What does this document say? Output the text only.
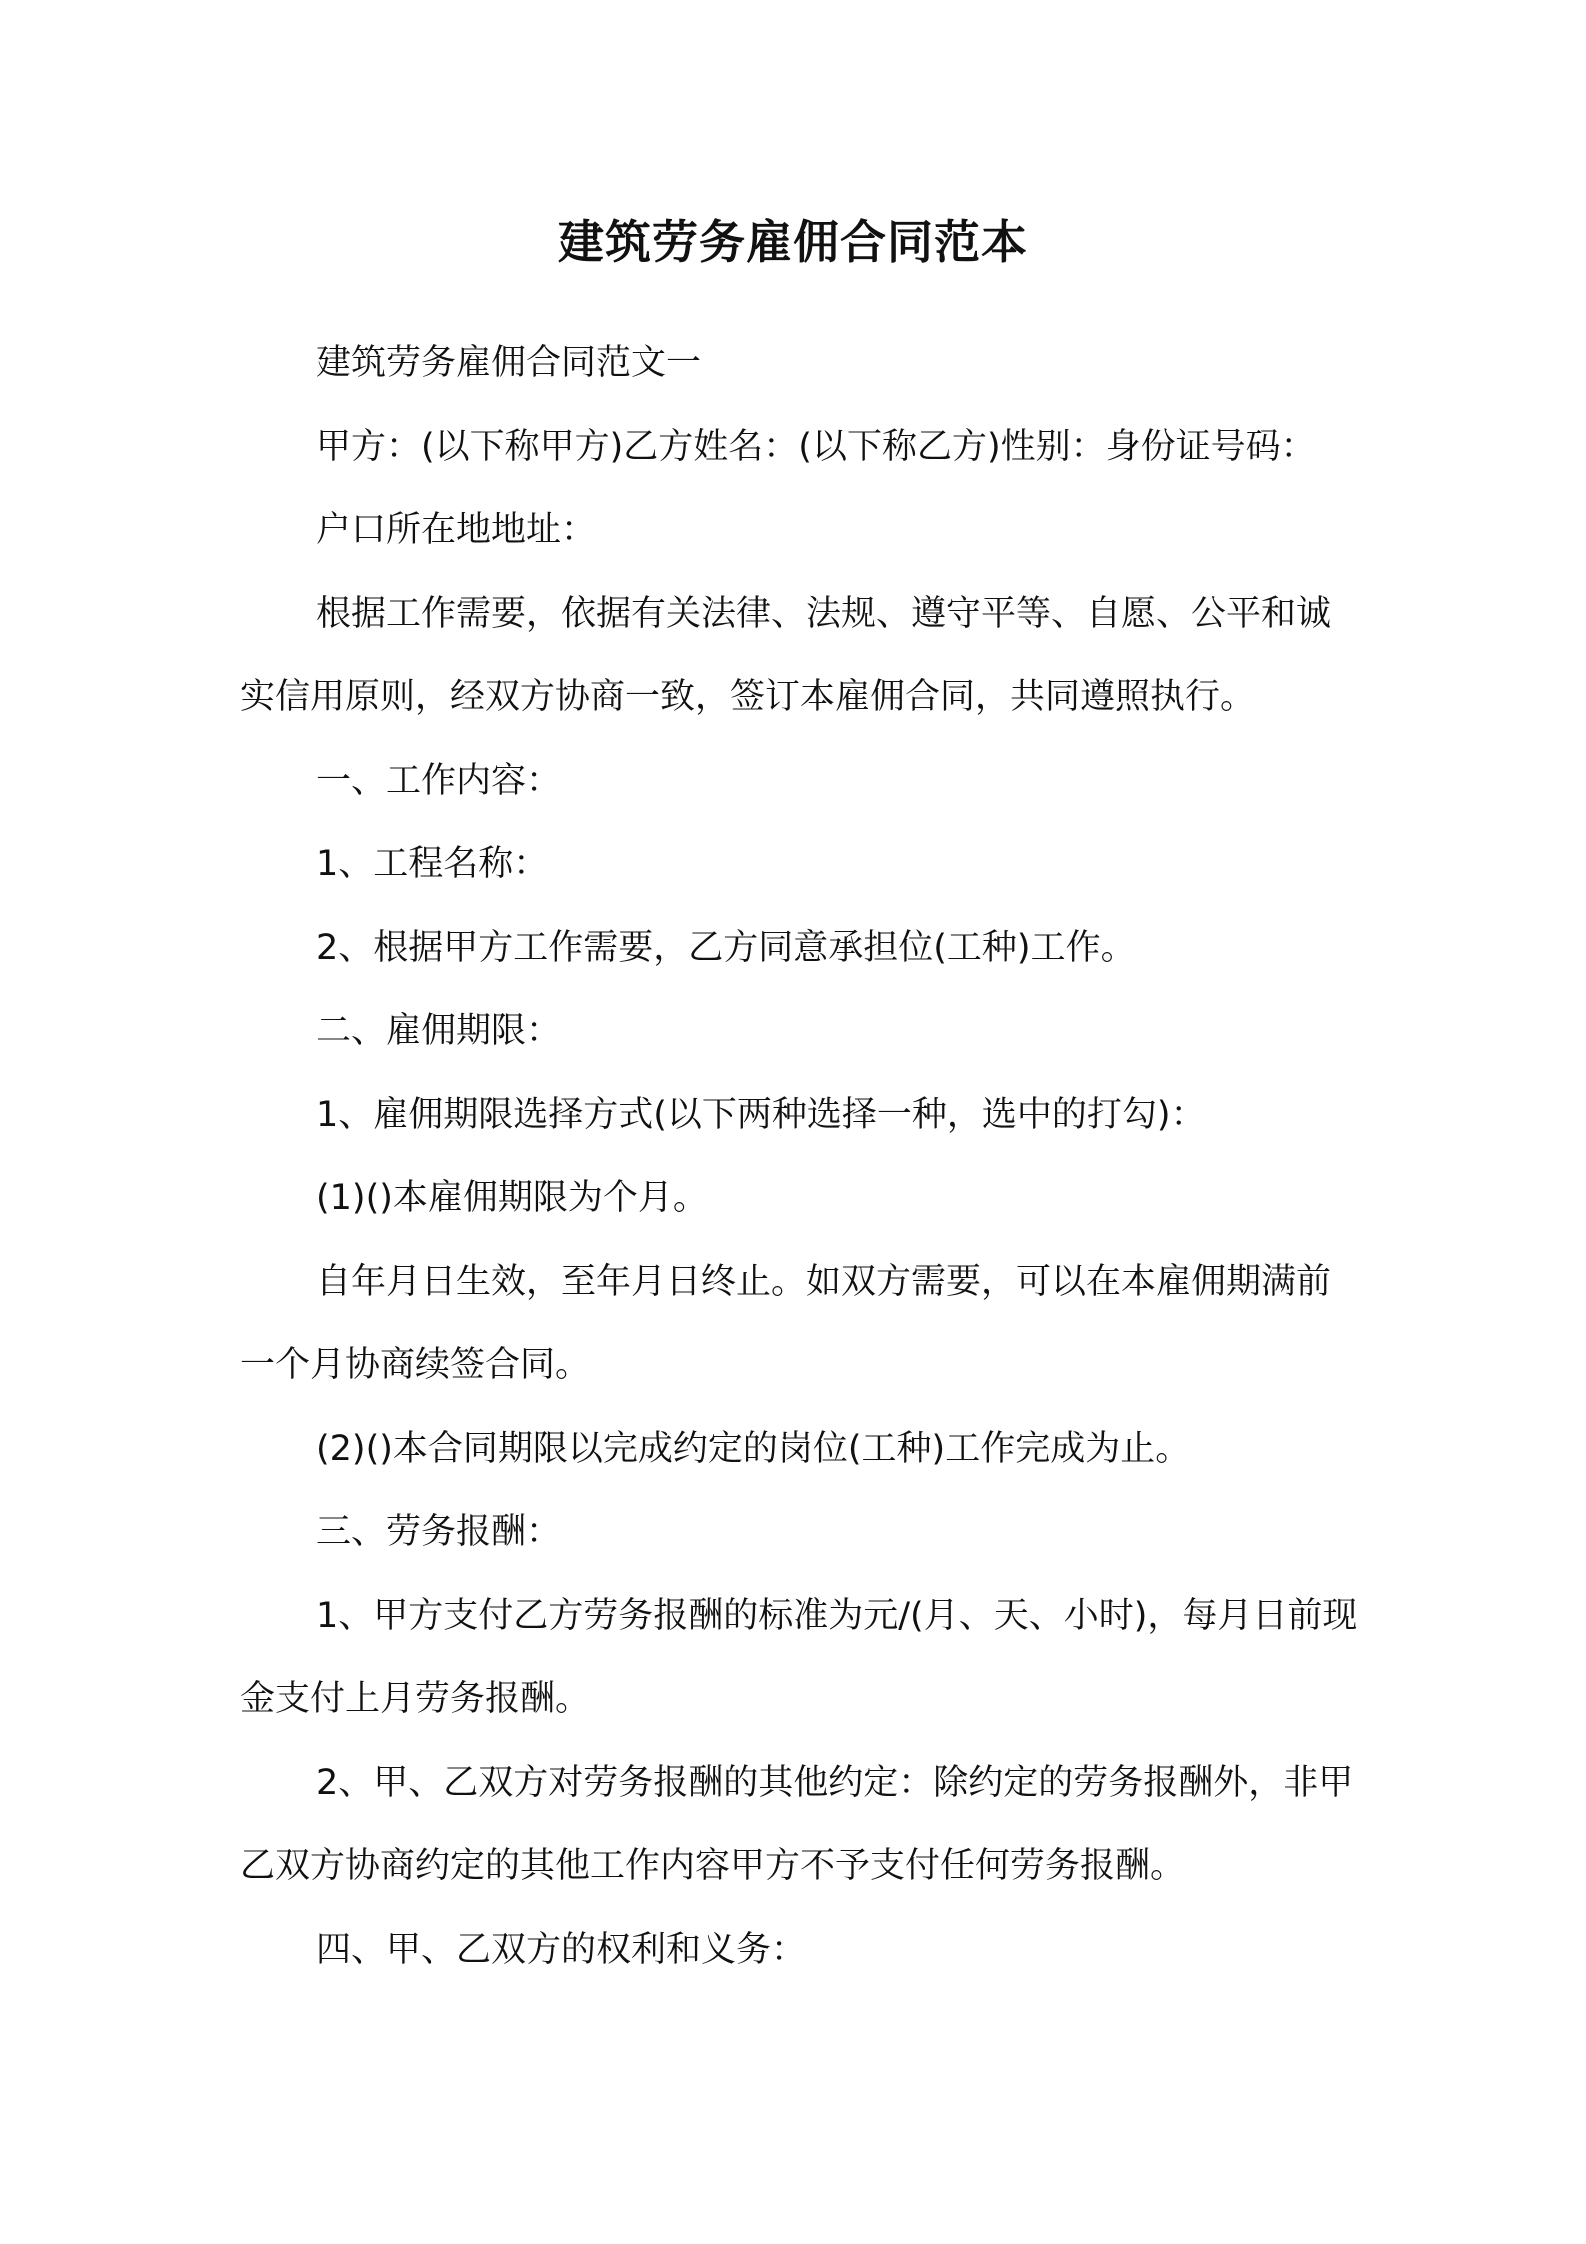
建筑劳务雇佣合同范本

建筑劳务雇佣合同范文一

甲方：(以下称甲方)乙方姓名：(以下称乙方)性别：身份证号码：

户口所在地地址：

根据工作需要，依据有关法律、法规、遵守平等、自愿、公平和诚实信用原则，经双方协商一致，签订本雇佣合同，共同遵照执行。

一、工作内容：

1、工程名称：

2、根据甲方工作需要，乙方同意承担位(工种)工作。

二、雇佣期限：

1、雇佣期限选择方式(以下两种选择一种，选中的打勾)：

(1)()本雇佣期限为个月。

自年月日生效，至年月日终止。如双方需要，可以在本雇佣期满前一个月协商续签合同。

(2)()本合同期限以完成约定的岗位(工种)工作完成为止。

三、劳务报酬：

1、甲方支付乙方劳务报酬的标准为元/(月、天、小时)，每月日前现金支付上月劳务报酬。

2、甲、乙双方对劳务报酬的其他约定：除约定的劳务报酬外，非甲乙双方协商约定的其他工作内容甲方不予支付任何劳务报酬。

四、甲、乙双方的权利和义务：
